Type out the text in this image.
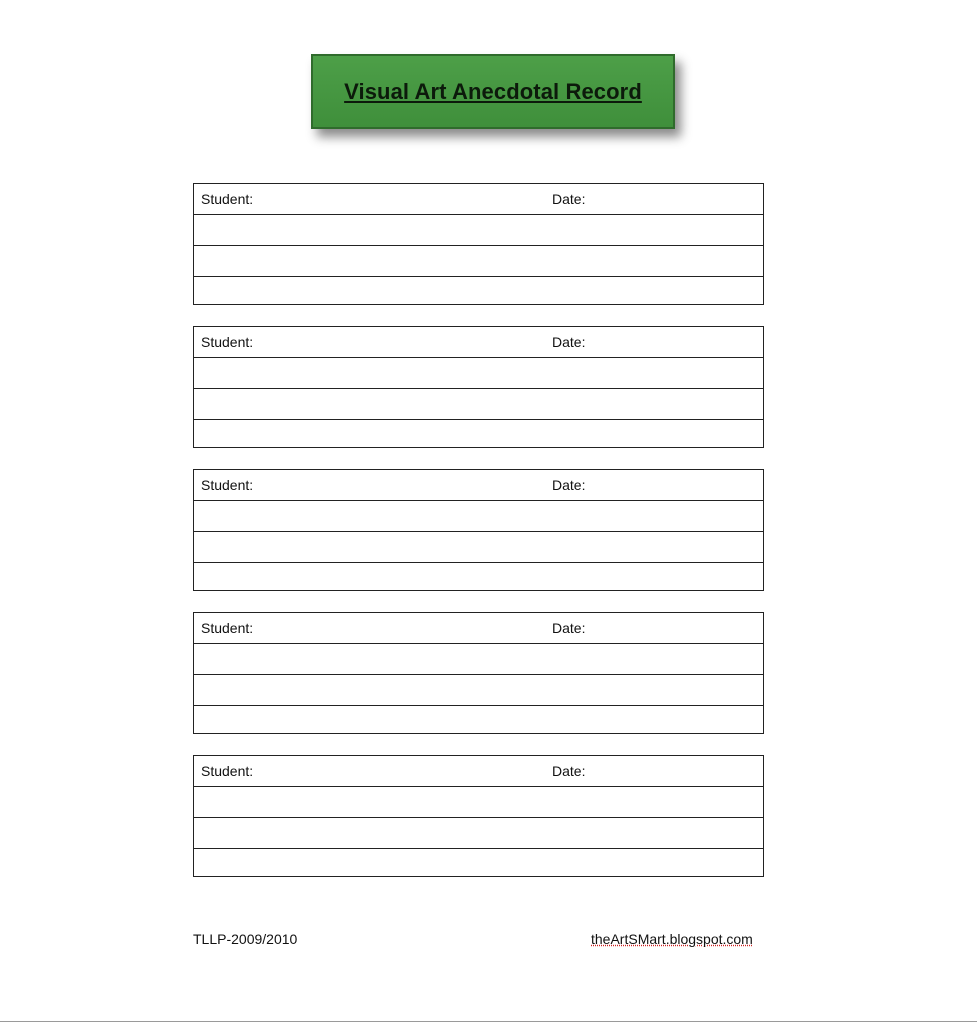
Visual Art Anecdotal Record
Student:	Date:
Student:	Date:
Student:	Date:
Student:	Date:
Student:	Date:
TLLP-2009/2010	theArtSMart.blogspot.com
